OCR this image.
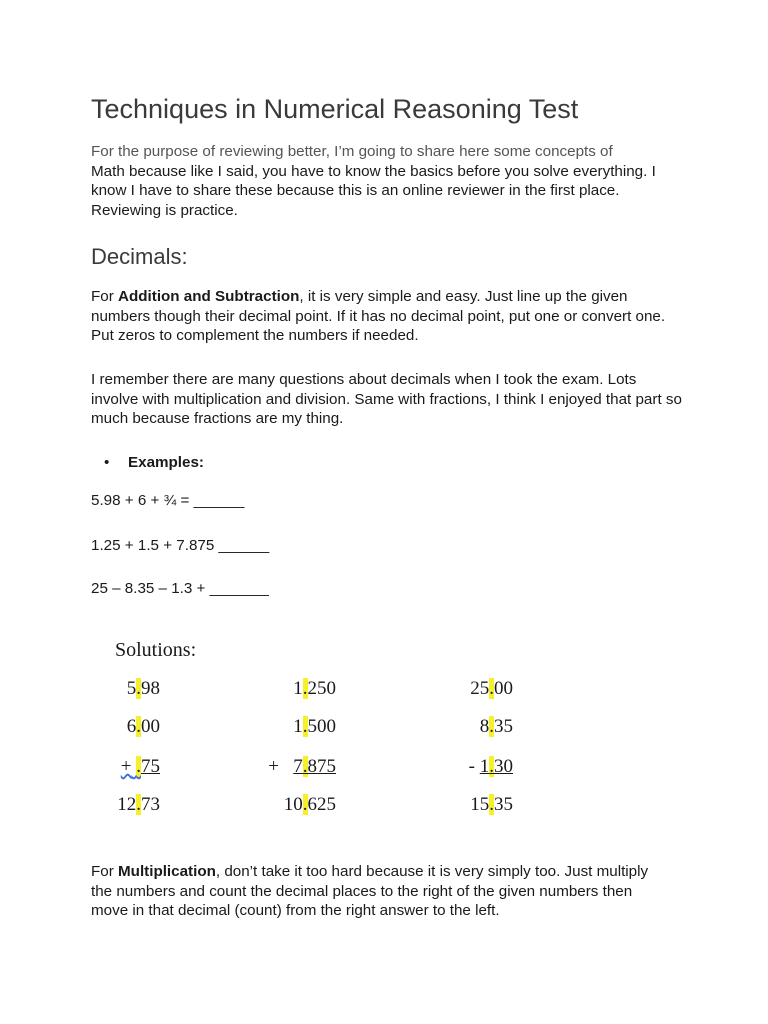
Techniques in Numerical Reasoning Test

For the purpose of reviewing better, I’m going to share here some concepts of

Math because like I said, you have to know the basics before you solve everything. I know I have to share these because this is an online reviewer in the first place. Reviewing is practice.

Decimals:
For Addition and Subtraction, it is very simple and easy. Just line up the given numbers though their decimal point. If it has no decimal point, put one or convert one. Put zeros to complement the numbers if needed.
I remember there are many questions about decimals when I took the exam. Lots involve with multiplication and division. Same with fractions, I think I enjoyed that part so much because fractions are my thing.
• Examples:
5.98 + 6 + ¾ = ______
1.25 + 1.5 + 7.875 ______
25 – 8.35 – 1.3 + _______
Solutions:
5.98
6.00
+ .75
12.73
1.250
1.500
+ 7.875
10.625
25.00
8.35
- 1.30
15.35
For Multiplication, don’t take it too hard because it is very simply too. Just multiply the numbers and count the decimal places to the right of the given numbers then move in that decimal (count) from the right answer to the left.
